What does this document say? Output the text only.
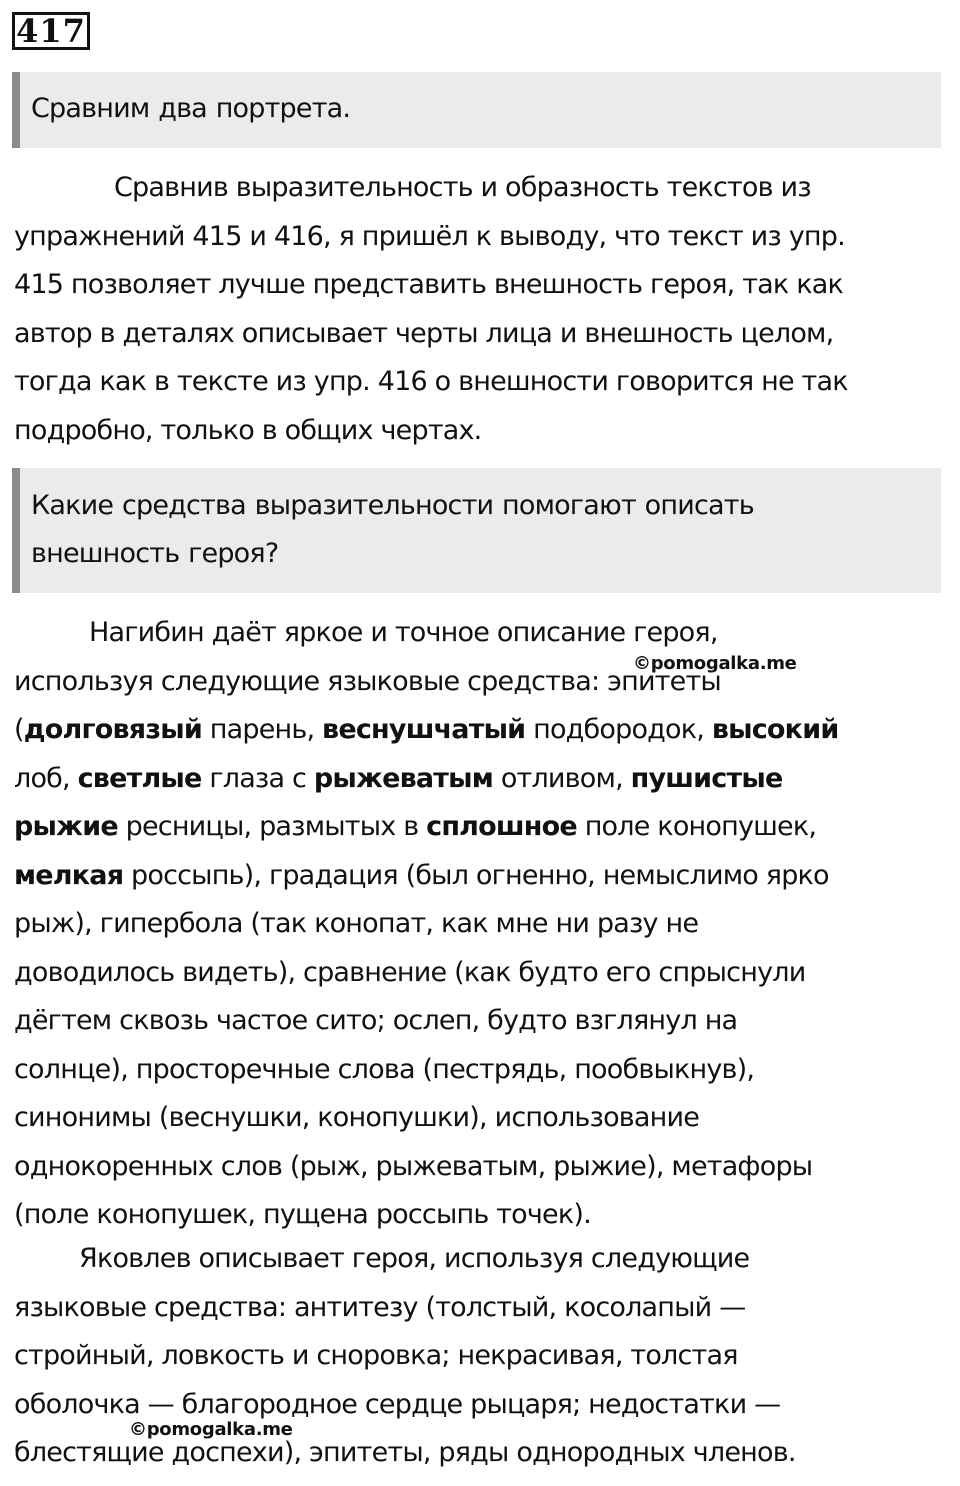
417
Сравним два портрета.
Сравнив выразительность и образность текстов из
упражнений 415 и 416, я пришёл к выводу, что текст из упр.
415 позволяет лучше представить внешность героя, так как
автор в деталях описывает черты лица и внешность целом,
тогда как в тексте из упр. 416 о внешности говорится не так
подробно, только в общих чертах.
Какие средства выразительности помогают описать
внешность героя?
Нагибин даёт яркое и точное описание героя,
используя следующие языковые средства: эпитеты
(долговязый парень, веснушчатый подбородок, высокий
лоб, светлые глаза с рыжеватым отливом, пушистые
рыжие ресницы, размытых в сплошное поле конопушек,
мелкая россыпь), градация (был огненно, немыслимо ярко
рыж), гипербола (так конопат, как мне ни разу не
доводилось видеть), сравнение (как будто его спрыснули
дёгтем сквозь частое сито; ослеп, будто взглянул на
солнце), просторечные слова (пестрядь, пообвыкнув),
синонимы (веснушки, конопушки), использование
однокоренных слов (рыж, рыжеватым, рыжие), метафоры
(поле конопушек, пущена россыпь точек).
Яковлев описывает героя, используя следующие
языковые средства: антитезу (толстый, косолапый —
стройный, ловкость и сноровка; некрасивая, толстая
оболочка — благородное сердце рыцаря; недостатки —
блестящие доспехи), эпитеты, ряды однородных членов.
©pomogalka.me
©pomogalka.me
